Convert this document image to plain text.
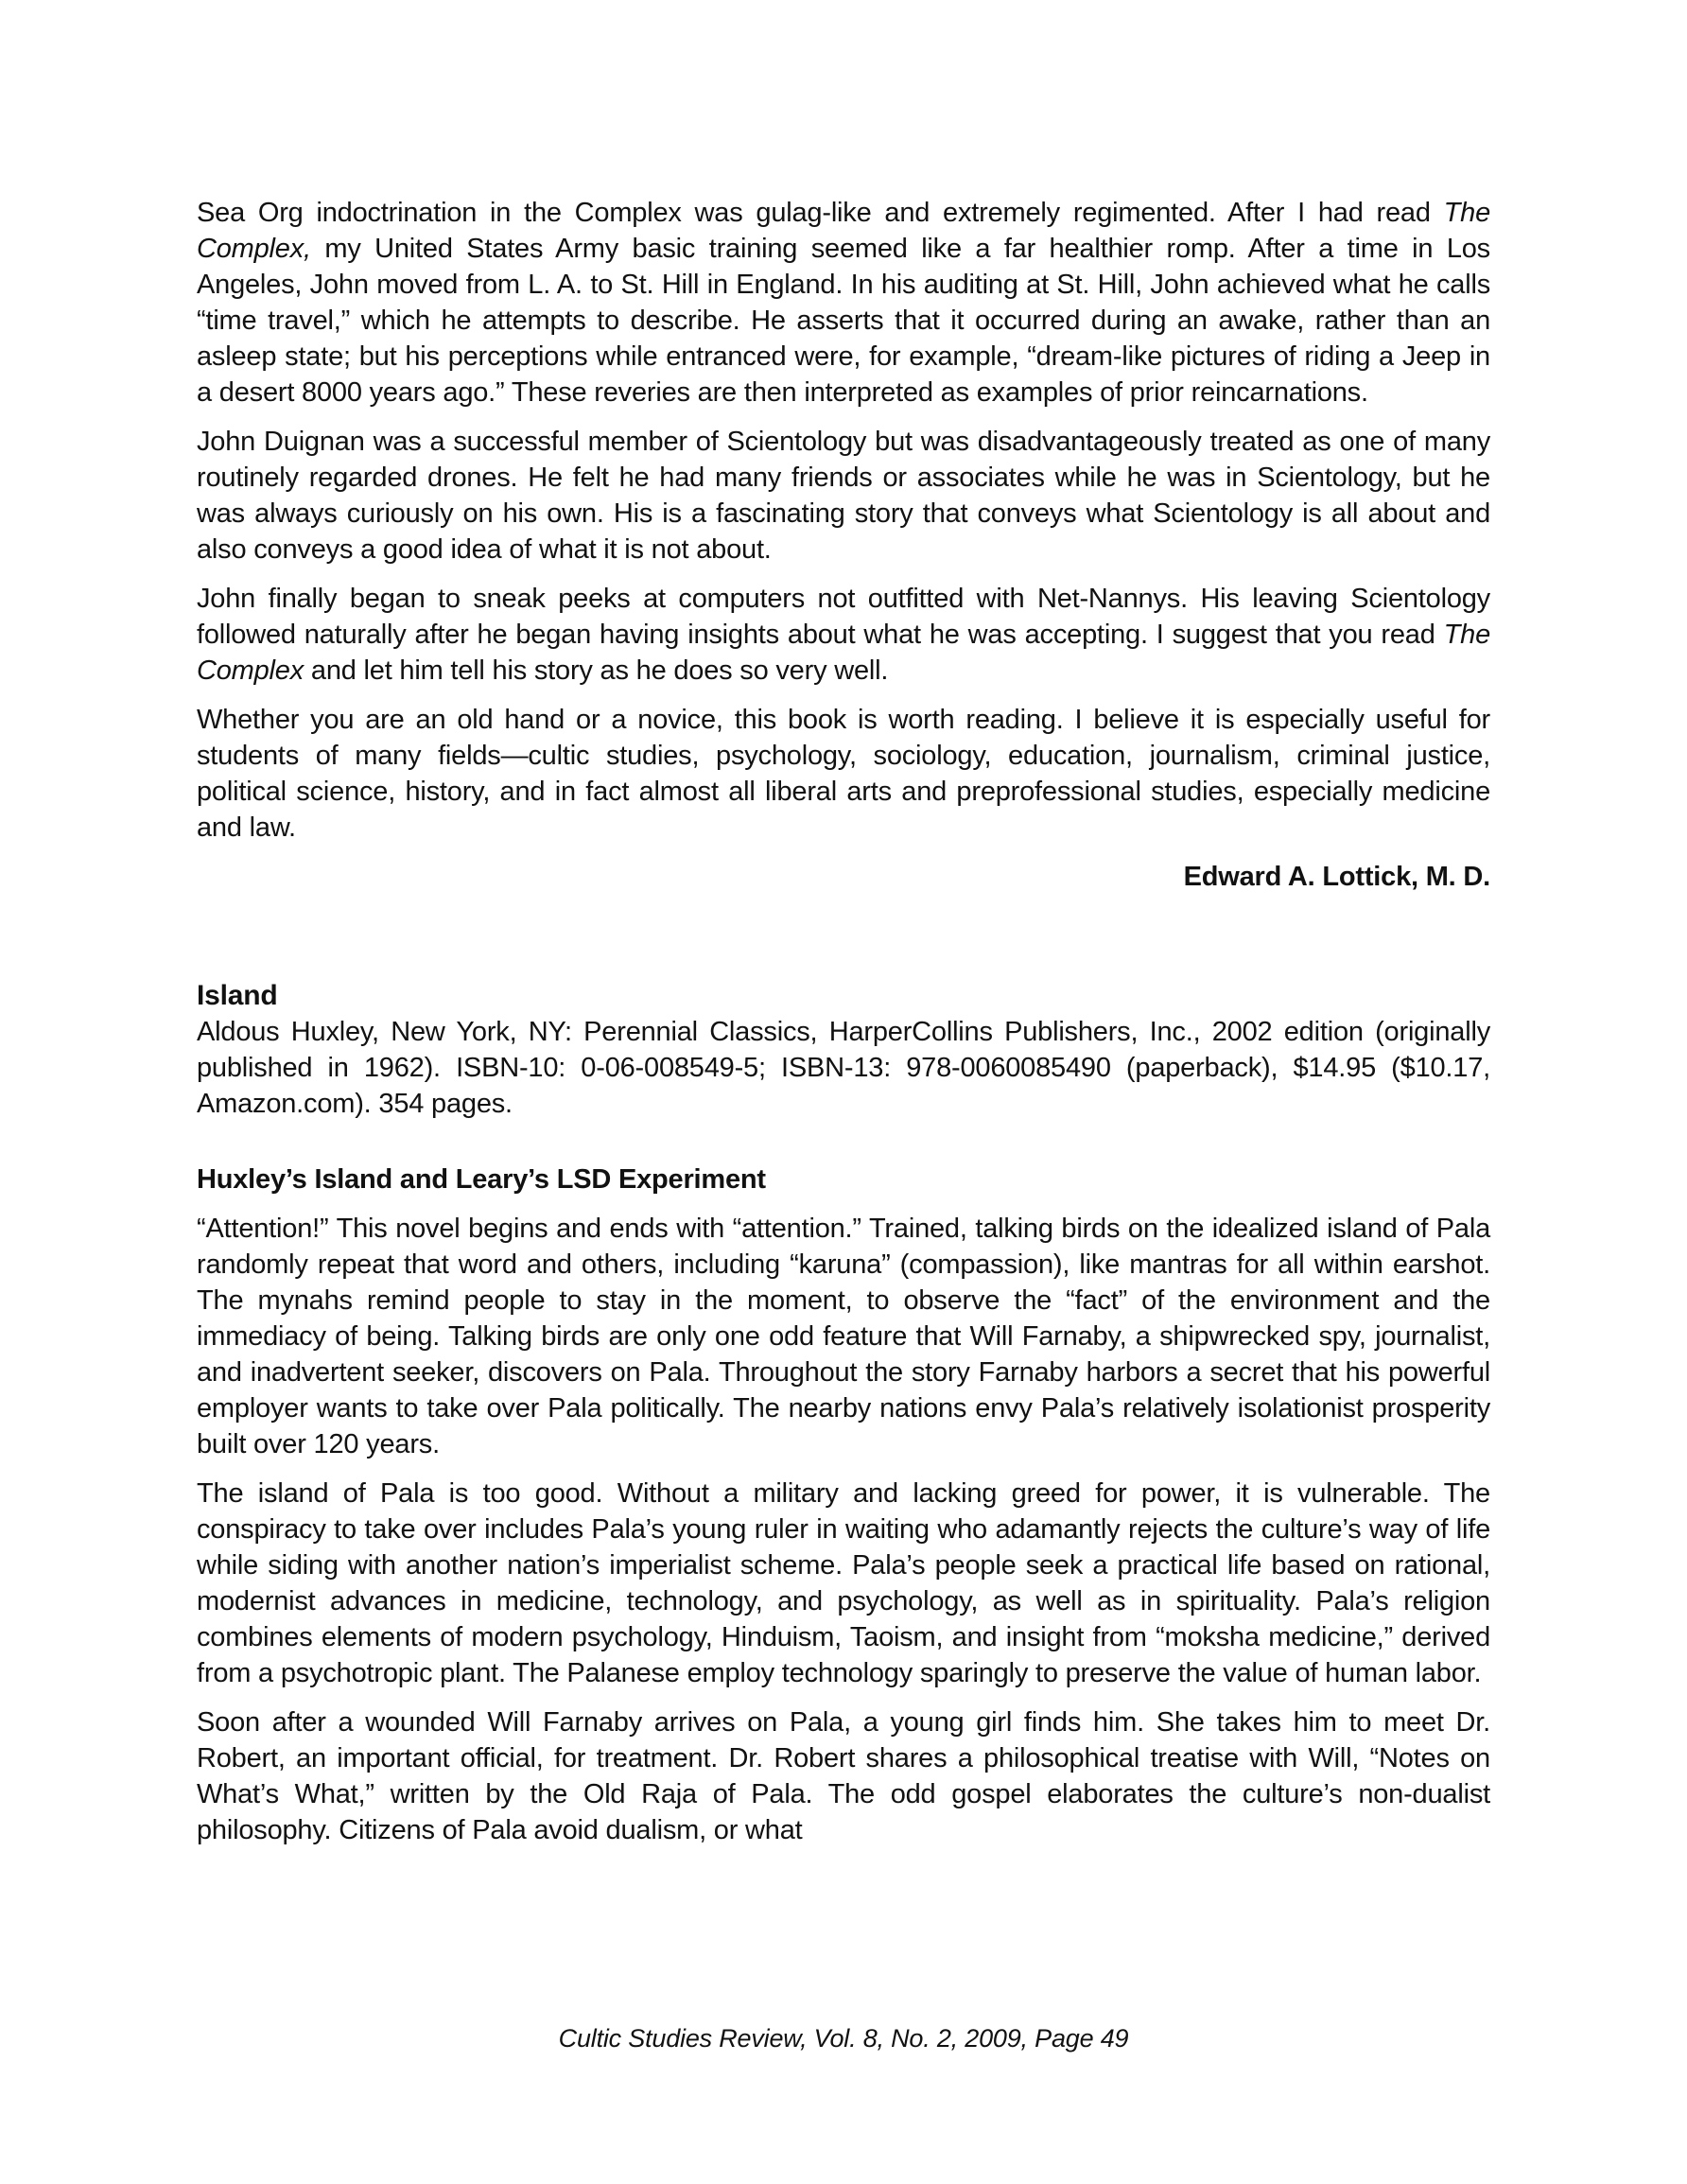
Sea Org indoctrination in the Complex was gulag-like and extremely regimented. After I had read The Complex, my United States Army basic training seemed like a far healthier romp. After a time in Los Angeles, John moved from L. A. to St. Hill in England. In his auditing at St. Hill, John achieved what he calls “time travel,” which he attempts to describe. He asserts that it occurred during an awake, rather than an asleep state; but his perceptions while entranced were, for example, “dream-like pictures of riding a Jeep in a desert 8000 years ago.” These reveries are then interpreted as examples of prior reincarnations.

John Duignan was a successful member of Scientology but was disadvantageously treated as one of many routinely regarded drones. He felt he had many friends or associates while he was in Scientology, but he was always curiously on his own. His is a fascinating story that conveys what Scientology is all about and also conveys a good idea of what it is not about.

John finally began to sneak peeks at computers not outfitted with Net-Nannys. His leaving Scientology followed naturally after he began having insights about what he was accepting. I suggest that you read The Complex and let him tell his story as he does so very well.

Whether you are an old hand or a novice, this book is worth reading. I believe it is especially useful for students of many fields—cultic studies, psychology, sociology, education, journalism, criminal justice, political science, history, and in fact almost all liberal arts and preprofessional studies, especially medicine and law.

Edward A. Lottick, M. D.

Island

Aldous Huxley, New York, NY: Perennial Classics, HarperCollins Publishers, Inc., 2002 edition (originally published in 1962). ISBN-10: 0-06-008549-5; ISBN-13: 978-0060085490 (paperback), $14.95 ($10.17, Amazon.com). 354 pages.

Huxley’s Island and Leary’s LSD Experiment

“Attention!” This novel begins and ends with “attention.” Trained, talking birds on the idealized island of Pala randomly repeat that word and others, including “karuna” (compassion), like mantras for all within earshot. The mynahs remind people to stay in the moment, to observe the “fact” of the environment and the immediacy of being. Talking birds are only one odd feature that Will Farnaby, a shipwrecked spy, journalist, and inadvertent seeker, discovers on Pala. Throughout the story Farnaby harbors a secret that his powerful employer wants to take over Pala politically. The nearby nations envy Pala’s relatively isolationist prosperity built over 120 years.

The island of Pala is too good. Without a military and lacking greed for power, it is vulnerable. The conspiracy to take over includes Pala’s young ruler in waiting who adamantly rejects the culture’s way of life while siding with another nation’s imperialist scheme. Pala’s people seek a practical life based on rational, modernist advances in medicine, technology, and psychology, as well as in spirituality. Pala’s religion combines elements of modern psychology, Hinduism, Taoism, and insight from “moksha medicine,” derived from a psychotropic plant. The Palanese employ technology sparingly to preserve the value of human labor.

Soon after a wounded Will Farnaby arrives on Pala, a young girl finds him. She takes him to meet Dr. Robert, an important official, for treatment. Dr. Robert shares a philosophical treatise with Will, “Notes on What’s What,” written by the Old Raja of Pala. The odd gospel elaborates the culture’s non-dualist philosophy. Citizens of Pala avoid dualism, or what

Cultic Studies Review, Vol. 8, No. 2, 2009, Page 49
